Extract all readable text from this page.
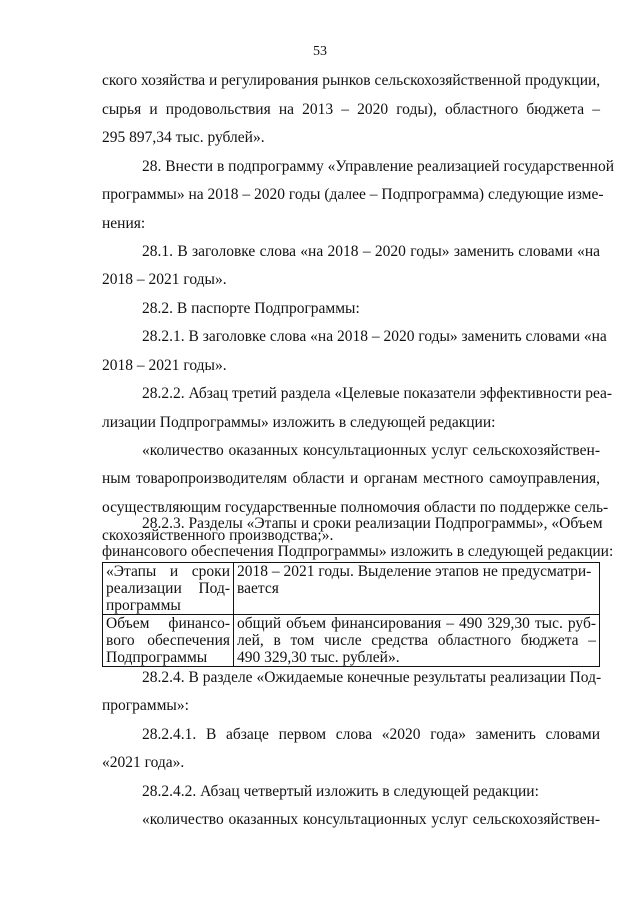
53
ского хозяйства и регулирования рынков сельскохозяйственной продукции,
сырья и продовольствия на 2013 – 2020 годы), областного бюджета –
295 897,34 тыс. рублей».
28. Внести в подпрограмму «Управление реализацией государственной
программы» на 2018 – 2020 годы (далее – Подпрограмма) следующие изме-
нения:
28.1. В заголовке слова «на 2018 – 2020 годы» заменить словами «на
2018 – 2021 годы».
28.2. В паспорте Подпрограммы:
28.2.1. В заголовке слова «на 2018 – 2020 годы» заменить словами «на
2018 – 2021 годы».
28.2.2. Абзац третий раздела «Целевые показатели эффективности реа-
лизации Подпрограммы» изложить в следующей редакции:
«количество оказанных консультационных услуг сельскохозяйствен-
ным товаропроизводителям области и органам местного самоуправления,
осуществляющим государственные полномочия области по поддержке сель-
скохозяйственного производства;».
28.2.3. Разделы «Этапы и сроки реализации Подпрограммы», «Объем
финансового обеспечения Подпрограммы» изложить в следующей редакции:
«Этапы и сроки
реализации Под-
программы	2018 – 2021 годы. Выделение этапов не предусматри-
вается

Объем финансо-
вого обеспечения
Подпрограммы	общий объем финансирования – 490 329,30 тыс. руб-
лей, в том числе средства областного бюджета –
490 329,30 тыс. рублей».
28.2.4. В разделе «Ожидаемые конечные результаты реализации Под-
программы»:
28.2.4.1. В абзаце первом слова «2020 года» заменить словами
«2021 года».
28.2.4.2. Абзац четвертый изложить в следующей редакции:
«количество оказанных консультационных услуг сельскохозяйствен-
